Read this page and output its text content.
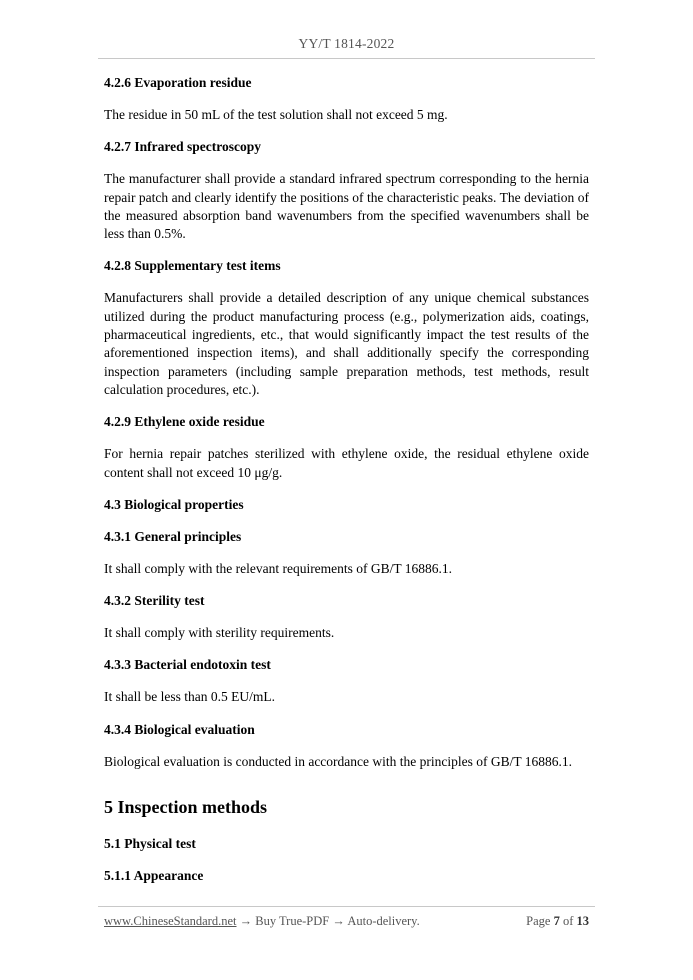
YY/T 1814-2022
4.2.6 Evaporation residue

The residue in 50 mL of the test solution shall not exceed 5 mg.

4.2.7 Infrared spectroscopy

The manufacturer shall provide a standard infrared spectrum corresponding to the hernia repair patch and clearly identify the positions of the characteristic peaks. The deviation of the measured absorption band wavenumbers from the specified wavenumbers shall be less than 0.5%.

4.2.8 Supplementary test items

Manufacturers shall provide a detailed description of any unique chemical substances utilized during the product manufacturing process (e.g., polymerization aids, coatings, pharmaceutical ingredients, etc., that would significantly impact the test results of the aforementioned inspection items), and shall additionally specify the corresponding inspection parameters (including sample preparation methods, test methods, result calculation procedures, etc.).

4.2.9 Ethylene oxide residue

For hernia repair patches sterilized with ethylene oxide, the residual ethylene oxide content shall not exceed 10 μg/g.

4.3 Biological properties
4.3.1 General principles

It shall comply with the relevant requirements of GB/T 16886.1.

4.3.2 Sterility test

It shall comply with sterility requirements.

4.3.3 Bacterial endotoxin test

It shall be less than 0.5 EU/mL.

4.3.4 Biological evaluation

Biological evaluation is conducted in accordance with the principles of GB/T 16886.1.

5 Inspection methods
5.1 Physical test
5.1.1 Appearance
www.ChineseStandard.net → Buy True-PDF → Auto-delivery.	Page 7 of 13
